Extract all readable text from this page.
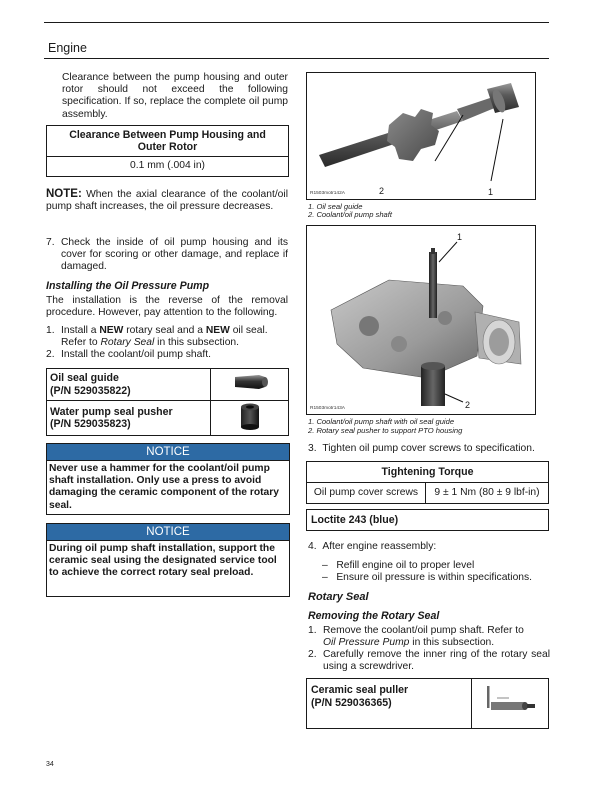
Engine
Clearance between the pump housing and outer rotor should not exceed the following specification. If so, replace the complete oil pump assembly.
Clearance Between Pump Housing and
Outer Rotor
0.1 mm (.004 in)
NOTE: When the axial clearance of the coolant/oil pump shaft increases, the oil pressure decreases.
7. Check the inside of oil pump housing and its cover for scoring or other damage, and replace if damaged.
Installing the Oil Pressure Pump
The installation is the reverse of the removal procedure. However, pay attention to the following.
1. Install a NEW rotary seal and a NEW oil seal.
Refer to Rotary Seal in this subsection.
2. Install the coolant/oil pump shaft.
Oil seal guide
(P/N 529035822)	
Water pump seal pusher
(P/N 529035823)	
NOTICE
Never use a hammer for the coolant/oil pump shaft installation. Only use a press to avoid damaging the ceramic component of the rotary seal.
NOTICE
During oil pump shaft installation, support the ceramic seal using the designated service tool to achieve the correct rotary seal preload.
R1503motr142A	2	1
1. Oil seal guide
2. Coolant/oil pump shaft
R1503motr143A
1
2
1. Coolant/oil pump shaft with oil seal guide
2. Rotary seal pusher to support PTO housing
3. Tighten oil pump cover screws to specification.
Tightening Torque
Oil pump cover screws	9 ± 1 Nm (80 ± 9 lbf-in)
Loctite 243 (blue)
4. After engine reassembly:
–   Refill engine oil to proper level
–   Ensure oil pressure is within specifications.
Rotary Seal
Removing the Rotary Seal
1. Remove the coolant/oil pump shaft. Refer to
Oil Pressure Pump in this subsection.
2. Carefully remove the inner ring of the rotary seal using a screwdriver.
Ceramic seal puller
(P/N 529036365)	
34
